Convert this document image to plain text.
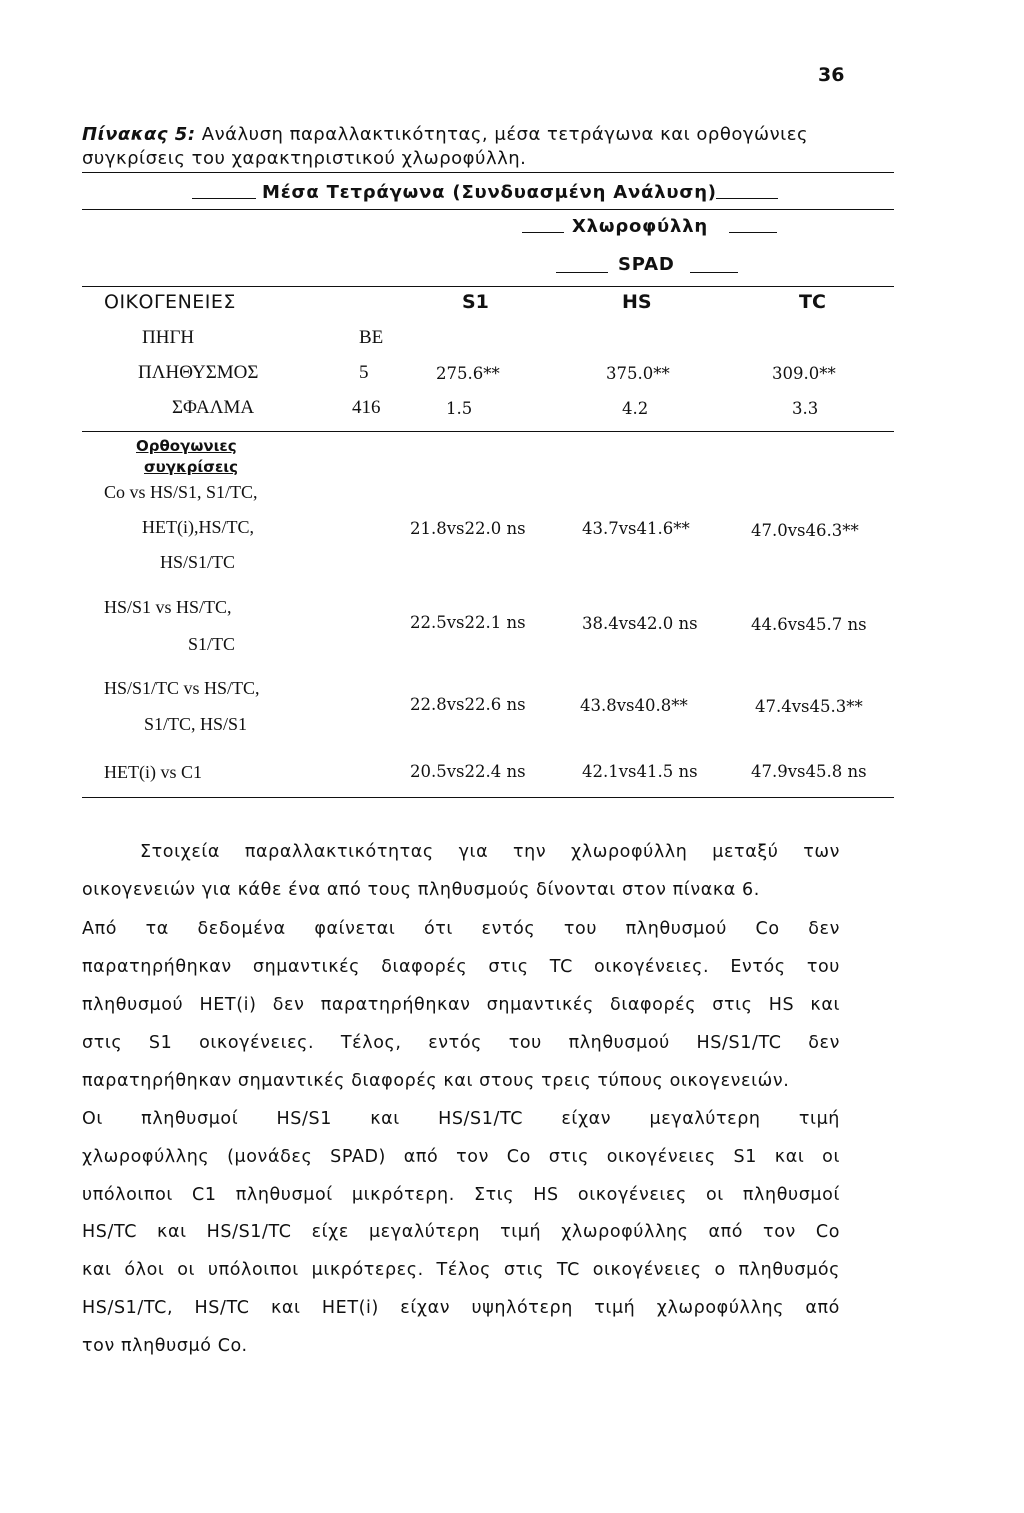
36
Πίνακας 5: Ανάλυση παραλλακτικότητας, μέσα τετράγωνα και ορθογώνιες
συγκρίσεις του χαρακτηριστικού χλωροφύλλη.
Μέσα Τετράγωνα (Συνδυασμένη Ανάλυση)
Χλωροφύλλη
SPAD
ΟΙΚΟΓΕΝΕΙΕΣ	S1	HS	TC
ΠΗΓΗ	ΒΕ
ΠΛΗΘΥΣΜΟΣ	5	275.6**	375.0**	309.0**
ΣΦΑΛΜΑ	416	1.5	4.2	3.3
Ορθογωνιες
συγκρίσεις
Co vs HS/S1, S1/TC,
HET(i),HS/TC,
HS/S1/TC
21.8vs22.0 ns	43.7vs41.6**	47.0vs46.3**
HS/S1 vs HS/TC,
S1/TC
22.5vs22.1 ns	38.4vs42.0 ns	44.6vs45.7 ns
HS/S1/TC vs HS/TC,
S1/TC, HS/S1
22.8vs22.6 ns	43.8vs40.8**	47.4vs45.3**
HET(i) vs C1	20.5vs22.4 ns	42.1vs41.5 ns	47.9vs45.8 ns
Στοιχεία παραλλακτικότητας για την χλωροφύλλη μεταξύ των
οικογενειών για κάθε ένα από τους πληθυσμούς δίνονται στον πίνακα 6.
Από τα δεδομένα φαίνεται ότι εντός του πληθυσμού Co δεν
παρατηρήθηκαν σημαντικές διαφορές στις TC οικογένειες. Εντός του
πληθυσμού HET(i) δεν παρατηρήθηκαν σημαντικές διαφορές στις HS και
στις S1 οικογένειες. Τέλος, εντός του πληθυσμού HS/S1/TC δεν
παρατηρήθηκαν σημαντικές διαφορές και στους τρεις τύπους οικογενειών.
Οι πληθυσμοί HS/S1 και HS/S1/TC είχαν μεγαλύτερη τιμή
χλωροφύλλης (μονάδες SPAD) από τον Co στις οικογένειες S1 και οι
υπόλοιποι C1 πληθυσμοί μικρότερη. Στις HS οικογένειες οι πληθυσμοί
HS/TC και HS/S1/TC είχε μεγαλύτερη τιμή χλωροφύλλης από τον Co
και όλοι οι υπόλοιποι μικρότερες. Τέλος στις TC οικογένειες ο πληθυσμός
HS/S1/TC, HS/TC και HET(i) είχαν υψηλότερη τιμή χλωροφύλλης από
τον πληθυσμό Co.
